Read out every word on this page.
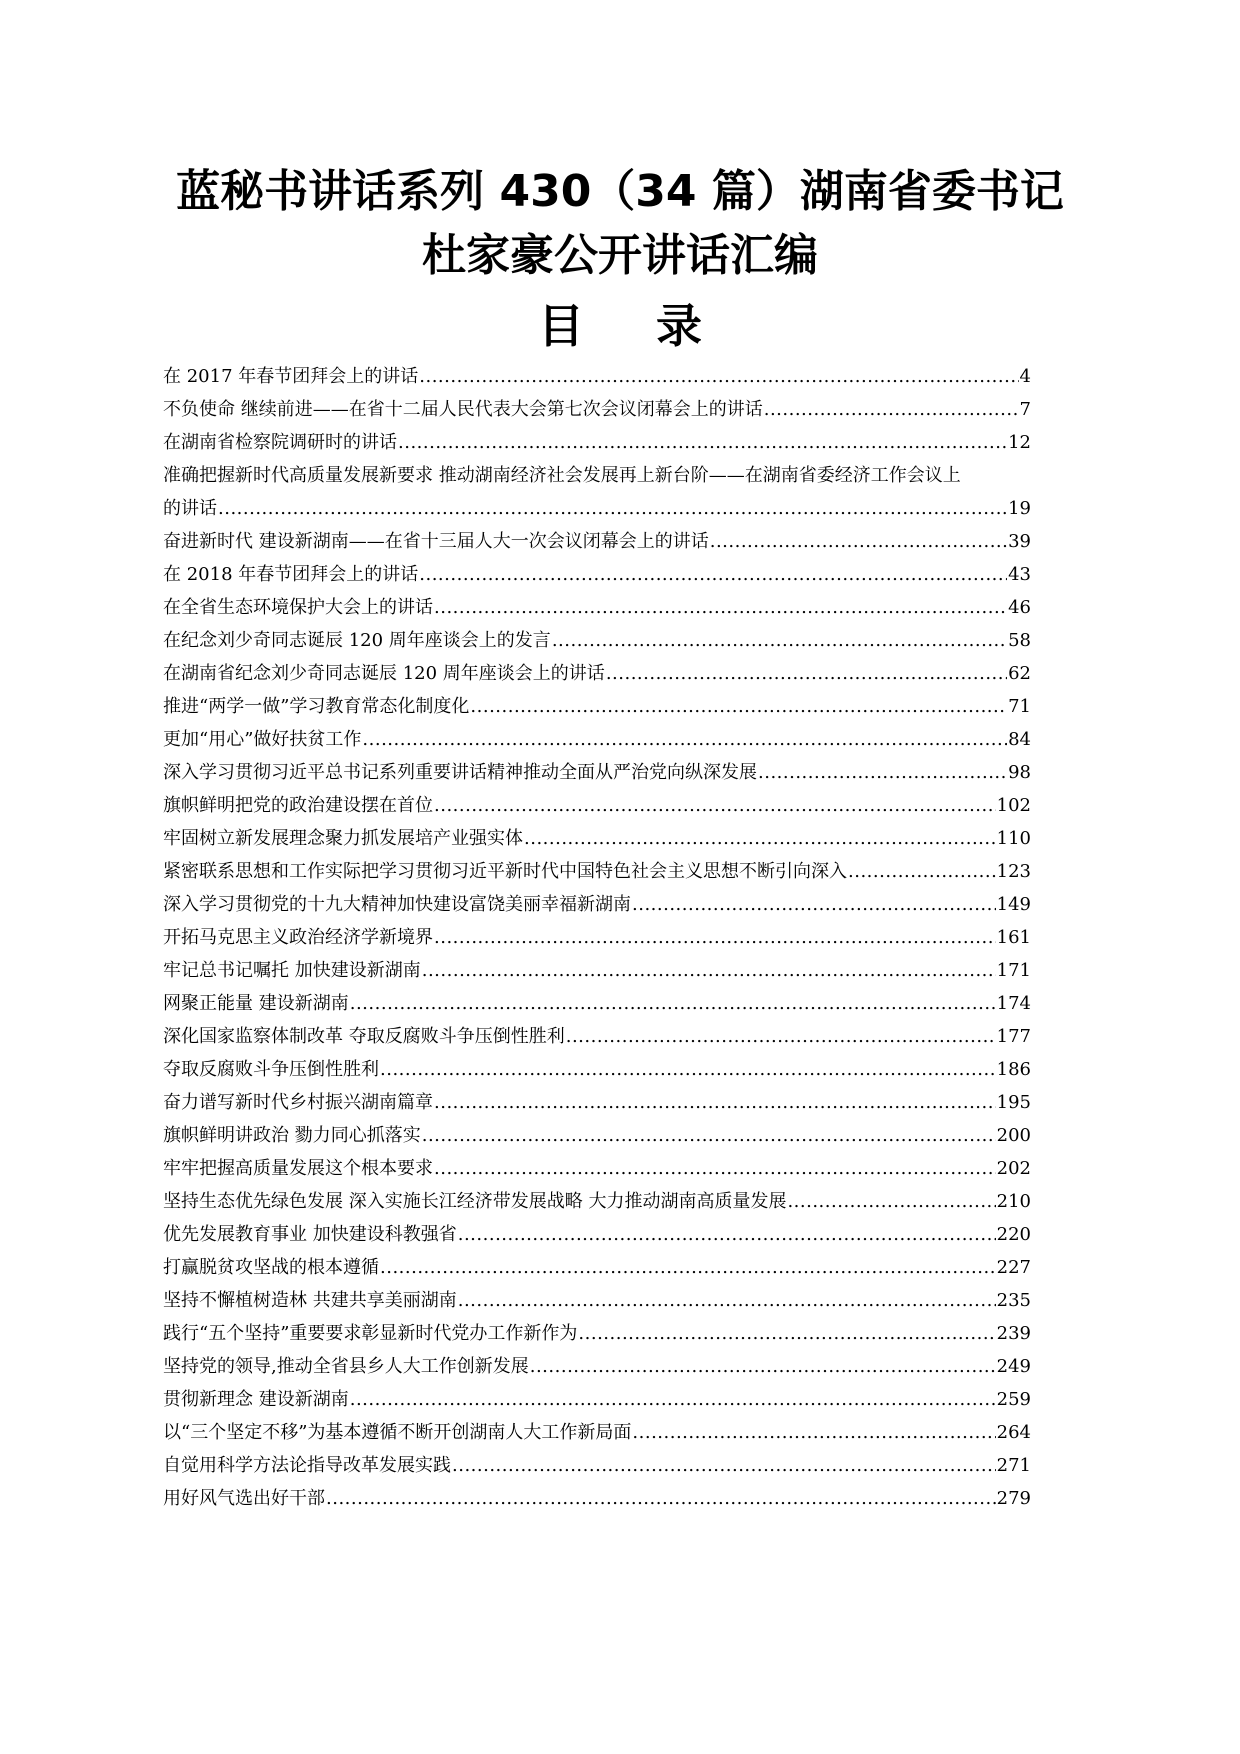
蓝秘书讲话系列 430（34 篇）湖南省委书记
杜家豪公开讲话汇编
目 录
在 2017 年春节团拜会上的讲话 .....	4
不负使命 继续前进——在省十二届人民代表大会第七次会议闭幕会上的讲话 .....	7
在湖南省检察院调研时的讲话 .....	12
准确把握新时代高质量发展新要求 推动湖南经济社会发展再上新台阶——在湖南省委经济工作会议上
的讲话 .....	19
奋进新时代 建设新湖南——在省十三届人大一次会议闭幕会上的讲话 .....	39
在 2018 年春节团拜会上的讲话 .....	43
在全省生态环境保护大会上的讲话 .....	46
在纪念刘少奇同志诞辰 120 周年座谈会上的发言 .....	58
在湖南省纪念刘少奇同志诞辰 120 周年座谈会上的讲话 .....	62
推进“两学一做”学习教育常态化制度化 .....	71
更加“用心”做好扶贫工作 .....	84
深入学习贯彻习近平总书记系列重要讲话精神推动全面从严治党向纵深发展 .....	98
旗帜鲜明把党的政治建设摆在首位 .....	102
牢固树立新发展理念聚力抓发展培产业强实体 .....	110
紧密联系思想和工作实际把学习贯彻习近平新时代中国特色社会主义思想不断引向深入 .....	123
深入学习贯彻党的十九大精神加快建设富饶美丽幸福新湖南 .....	149
开拓马克思主义政治经济学新境界 .....	161
牢记总书记嘱托 加快建设新湖南 .....	171
网聚正能量 建设新湖南 .....	174
深化国家监察体制改革 夺取反腐败斗争压倒性胜利 .....	177
夺取反腐败斗争压倒性胜利 .....	186
奋力谱写新时代乡村振兴湖南篇章 .....	195
旗帜鲜明讲政治 勠力同心抓落实 .....	200
牢牢把握高质量发展这个根本要求 .....	202
坚持生态优先绿色发展 深入实施长江经济带发展战略 大力推动湖南高质量发展 .....	210
优先发展教育事业 加快建设科教强省 .....	220
打赢脱贫攻坚战的根本遵循 .....	227
坚持不懈植树造林 共建共享美丽湖南 .....	235
践行“五个坚持”重要要求彰显新时代党办工作新作为 .....	239
坚持党的领导,推动全省县乡人大工作创新发展 .....	249
贯彻新理念 建设新湖南 .....	259
以“三个坚定不移”为基本遵循不断开创湖南人大工作新局面 .....	264
自觉用科学方法论指导改革发展实践 .....	271
用好风气选出好干部 .....	279
